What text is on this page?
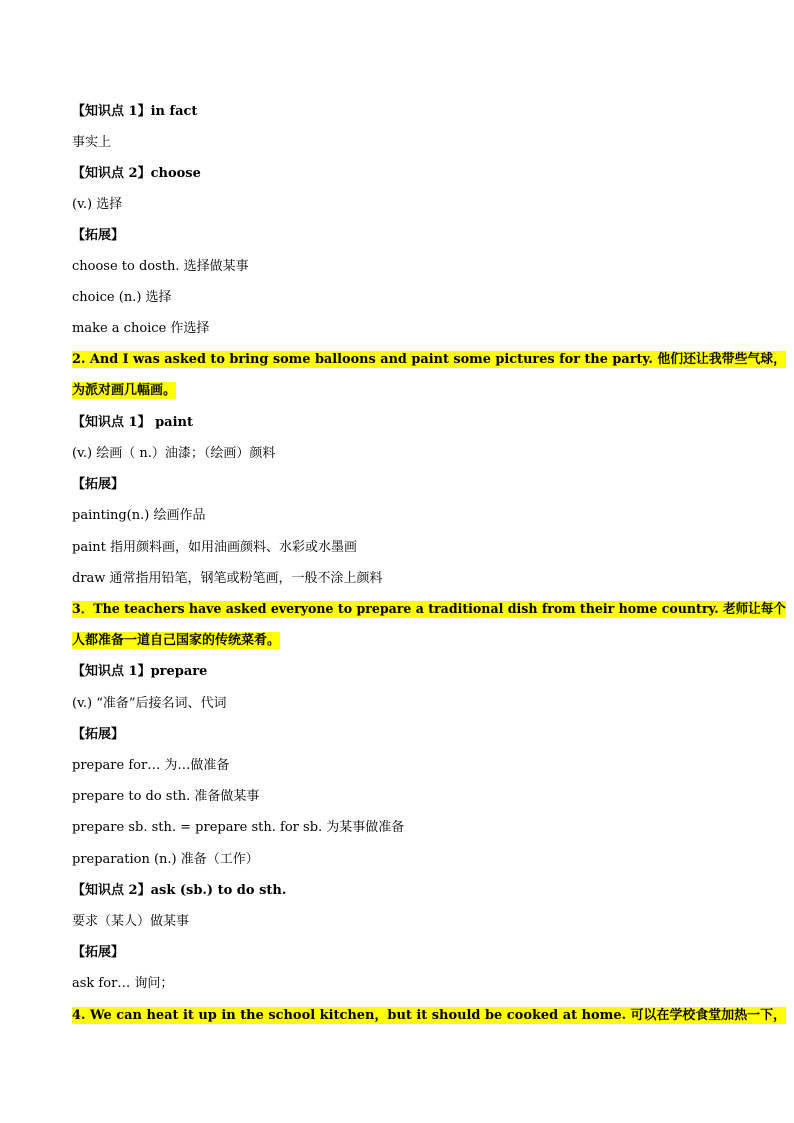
【知识点 1】in fact
事实上
【知识点 2】choose
(v.) 选择
【拓展】
choose to dosth. 选择做某事
choice (n.) 选择
make a choice 作选择
2. And I was asked to bring some balloons and paint some pictures for the party. 他们还让我带些气球，
为派对画几幅画。
【知识点 1】 paint
(v.) 绘画（ n.）油漆；（绘画）颜料
【拓展】
painting(n.) 绘画作品
paint 指用颜料画，如用油画颜料、水彩或水墨画
draw 通常指用铅笔，钢笔或粉笔画，一般不涂上颜料
3．The teachers have asked everyone to prepare a traditional dish from their home country. 老师让每个
人都准备一道自己国家的传统菜肴。
【知识点 1】prepare
(v.) “准备”后接名词、代词
【拓展】
prepare for… 为…做准备
prepare to do sth. 准备做某事
prepare sb. sth. = prepare sth. for sb. 为某事做准备
preparation (n.) 准备（工作）
【知识点 2】ask (sb.) to do sth.
要求（某人）做某事
【拓展】
ask for… 询问；
4. We can heat it up in the school kitchen，but it should be cooked at home. 可以在学校食堂加热一下，
